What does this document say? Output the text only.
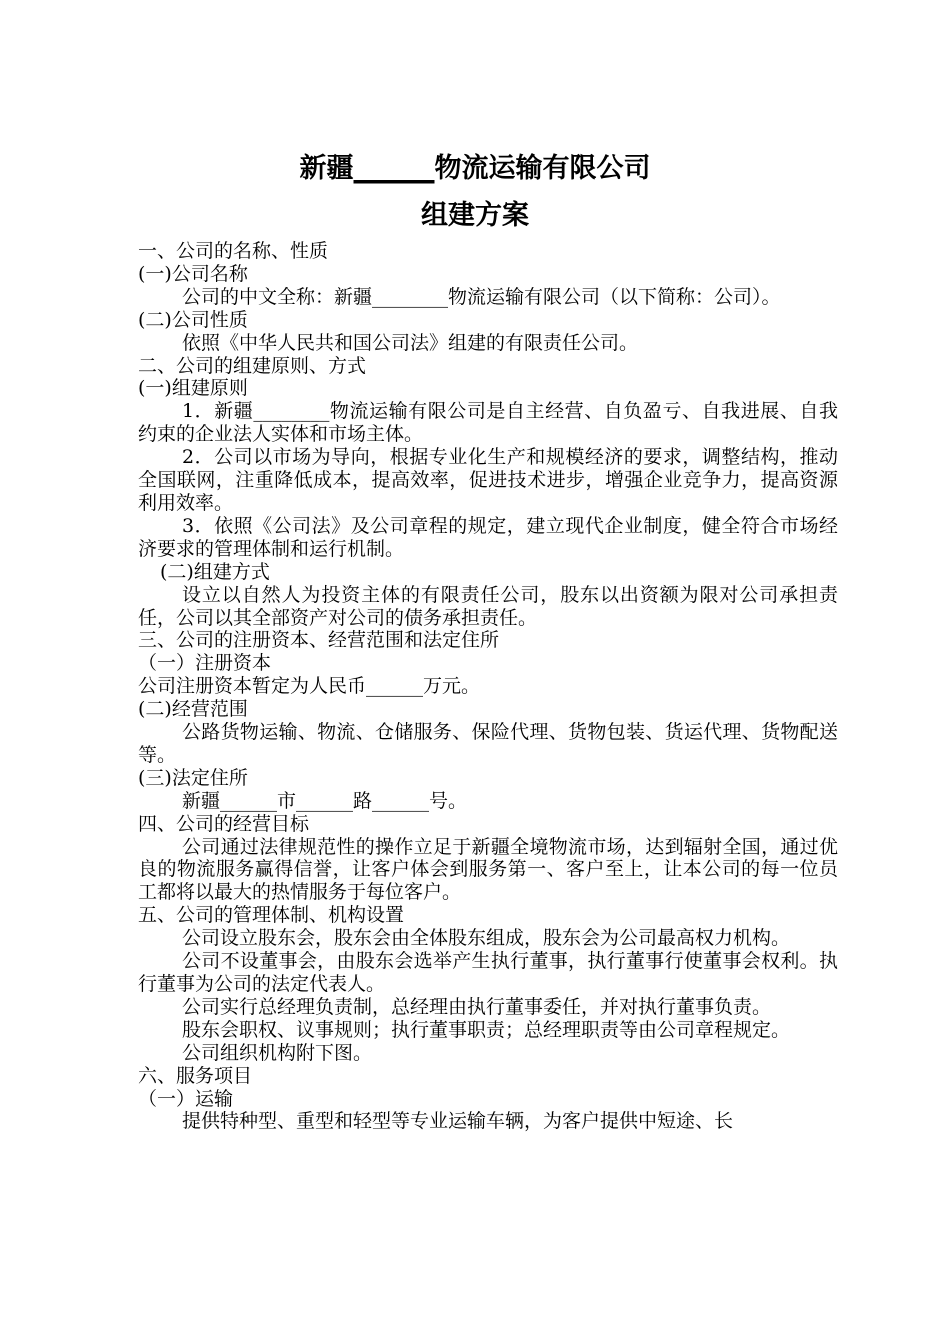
新疆______物流运输有限公司
组建方案

一、公司的名称、性质

(一)公司名称

公司的中文全称：新疆________物流运输有限公司（以下简称：公司）。

(二)公司性质

依照《中华人民共和国公司法》组建的有限责任公司。

二、公司的组建原则、方式

(一)组建原则

1．新疆________物流运输有限公司是自主经营、自负盈亏、自我进展、自我约束的企业法人实体和市场主体。

2．公司以市场为导向，根据专业化生产和规模经济的要求，调整结构，推动全国联网，注重降低成本，提高效率，促进技术进步，增强企业竞争力，提高资源利用效率。

3．依照《公司法》及公司章程的规定，建立现代企业制度，健全符合市场经济要求的管理体制和运行机制。

(二)组建方式

设立以自然人为投资主体的有限责任公司，股东以出资额为限对公司承担责任，公司以其全部资产对公司的债务承担责任。

三、公司的注册资本、经营范围和法定住所

（一）注册资本

公司注册资本暂定为人民币______万元。

(二)经营范围

公路货物运输、物流、仓储服务、保险代理、货物包装、货运代理、货物配送等。

(三)法定住所

新疆______市______路______号。

四、公司的经营目标

公司通过法律规范性的操作立足于新疆全境物流市场，达到辐射全国，通过优良的物流服务赢得信誉，让客户体会到服务第一、客户至上，让本公司的每一位员工都将以最大的热情服务于每位客户。

五、公司的管理体制、机构设置

公司设立股东会，股东会由全体股东组成，股东会为公司最高权力机构。

公司不设董事会，由股东会选举产生执行董事，执行董事行使董事会权利。执行董事为公司的法定代表人。

公司实行总经理负责制，总经理由执行董事委任，并对执行董事负责。

股东会职权、议事规则；执行董事职责；总经理职责等由公司章程规定。

公司组织机构附下图。

六、服务项目

（一）运输

提供特种型、重型和轻型等专业运输车辆，为客户提供中短途、长
